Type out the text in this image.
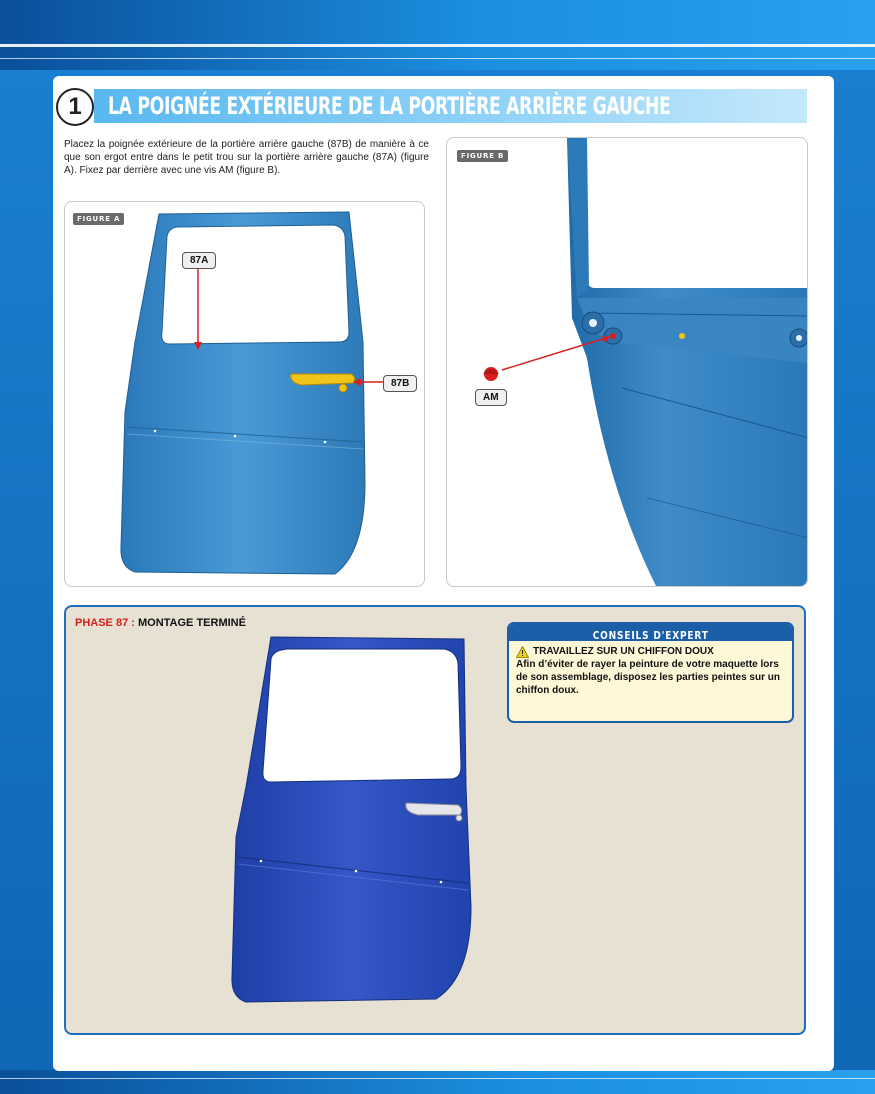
1	LA POIGNÉE EXTÉRIEURE DE LA PORTIÈRE ARRIÈRE GAUCHE

Placez la poignée extérieure de la portière arrière gauche (87B) de manière à ce que son ergot entre dans le petit trou sur la portière arrière gauche (87A) (figure A). Fixez par derrière avec une vis AM (figure B).

FIGURE A
87A
87B
FIGURE B
AM
PHASE 87 : MONTAGE TERMINÉ
CONSEILS D'EXPERT
TRAVAILLEZ SUR UN CHIFFON DOUX
Afin d’éviter de rayer la peinture de votre maquette lors de son assemblage, disposez les parties peintes sur un chiffon doux.
